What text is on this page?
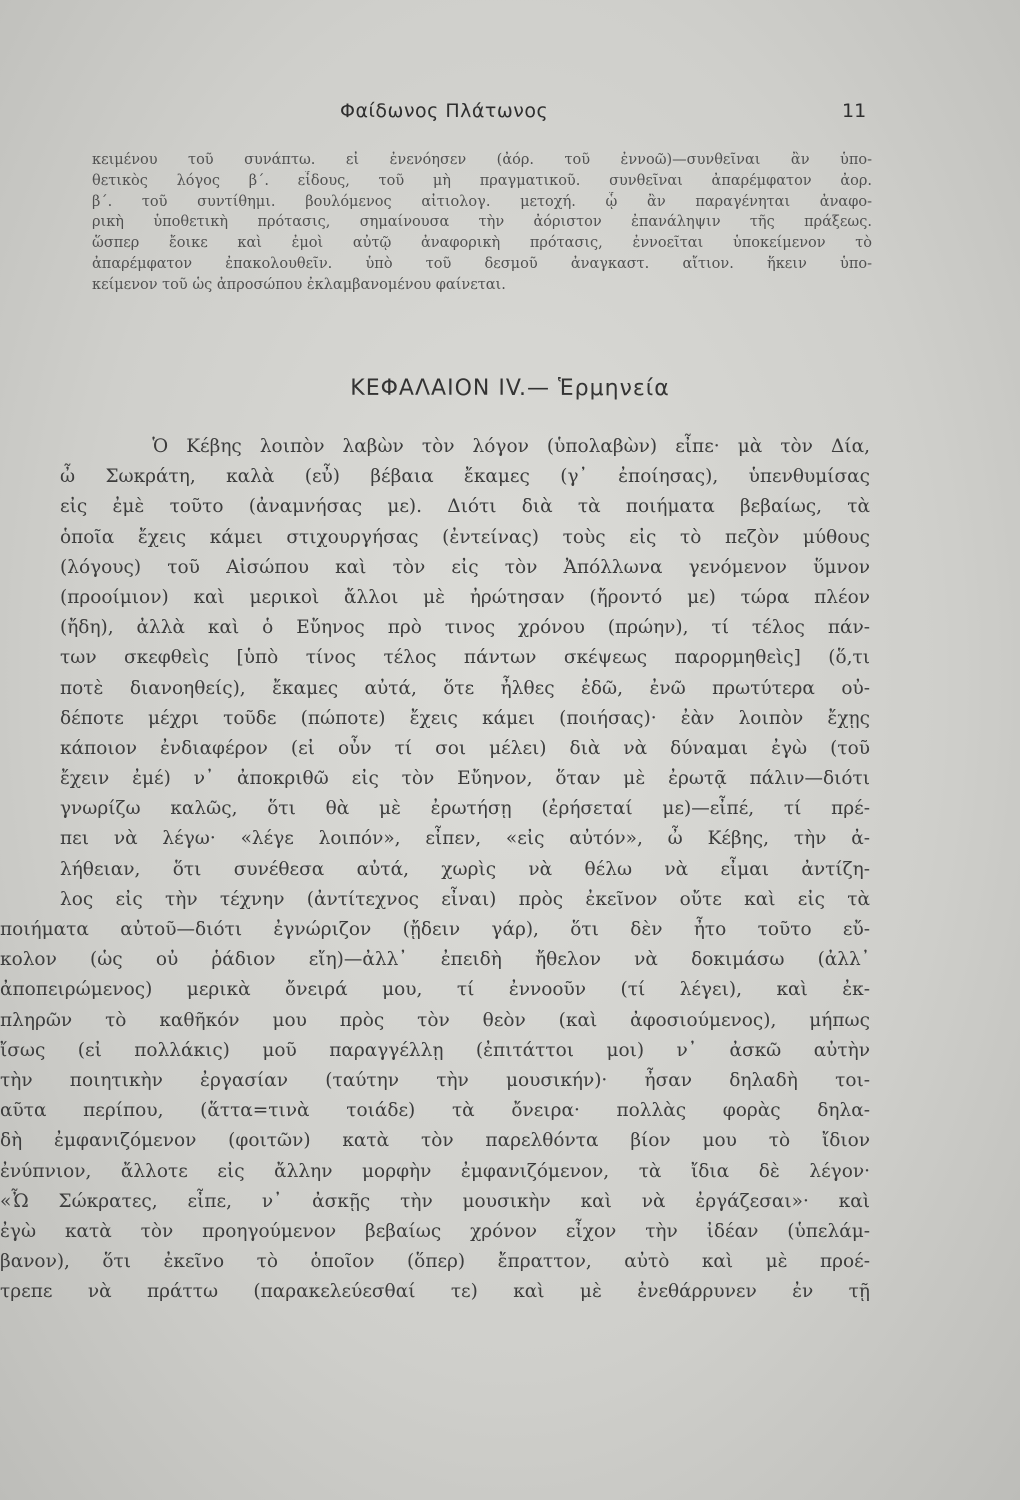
Φαίδωνος Πλάτωνος	11
κειμένου τοῦ συνάπτω. εἰ ἐνενόησεν (ἀόρ. τοῦ ἐννοῶ)—συνθεῖναι ἂν ὑπο-
θετικὸς λόγος β΄. εἶδους, τοῦ μὴ πραγματικοῦ. συνθεῖναι ἀπαρέμφατον ἀορ.
β΄. τοῦ συντίθημι. βουλόμενος αἰτιολογ. μετοχή. ᾧ ἂν παραγένηται ἀναφο-
ρικὴ ὑποθετικὴ πρότασις, σημαίνουσα τὴν ἀόριστον ἐπανάληψιν τῆς πράξεως.
ὥσπερ ἔοικε καὶ ἐμοὶ αὐτῷ ἀναφορικὴ πρότασις, ἐννοεῖται ὑποκείμενον τὸ
ἀπαρέμφατον ἐπακολουθεῖν. ὑπὸ τοῦ δεσμοῦ ἀναγκαστ. αἴτιον. ἥκειν ὑπο-
κείμενον τοῦ ὡς ἀπροσώπου ἐκλαμβανομένου φαίνεται.
ΚΕΦΑΛΑΙΟΝ ΙV.— Ἑρμηνεία
Ὁ Κέβης λοιπὸν λαβὼν τὸν λόγον (ὑπολαβὼν) εἶπε· μὰ τὸν Δία,
ὦ Σωκράτη, καλὰ (εὖ) βέβαια ἔκαμες (γ᾽ ἐποίησας), ὑπενθυμίσας
εἰς ἐμὲ τοῦτο (ἀναμνήσας με). Διότι διὰ τὰ ποιήματα βεβαίως, τὰ
ὁποῖα ἔχεις κάμει στιχουργήσας (ἐντείνας) τοὺς εἰς τὸ πεζὸν μύθους
(λόγους) τοῦ Αἰσώπου καὶ τὸν εἰς τὸν Ἀπόλλωνα γενόμενον ὕμνον
(προοίμιον) καὶ μερικοὶ ἄλλοι μὲ ἠρώτησαν (ἤροντό με) τώρα πλέον
(ἤδη), ἀλλὰ καὶ ὁ Εὔηνος πρὸ τινος χρόνου (πρώην), τί τέλος πάν-
των σκεφθεὶς [ὑπὸ τίνος τέλος πάντων σκέψεως παρορμηθεὶς] (ὅ,τι
ποτὲ διανοηθείς), ἔκαμες αὐτά, ὅτε ἦλθες ἐδῶ, ἐνῶ πρωτύτερα οὐ-
δέποτε μέχρι τοῦδε (πώποτε) ἔχεις κάμει (ποιήσας)· ἐὰν λοιπὸν ἔχῃς
κάποιον ἐνδιαφέρον (εἰ οὖν τί σοι μέλει) διὰ νὰ δύναμαι ἐγὼ (τοῦ
ἔχειν ἐμέ) ν᾽ ἀποκριθῶ εἰς τὸν Εὔηνον, ὅταν μὲ ἐρωτᾷ πάλιν—διότι
γνωρίζω καλῶς, ὅτι θὰ μὲ ἐρωτήσῃ (ἐρήσεταί με)—εἶπέ, τί πρέ-
πει νὰ λέγω· «λέγε λοιπόν», εἶπεν, «εἰς αὐτόν», ὦ Κέβης, τὴν ἀ-
λήθειαν, ὅτι συνέθεσα αὐτά, χωρὶς νὰ θέλω νὰ εἶμαι ἀντίζη-
λος εἰς τὴν τέχνην (ἀντίτεχνος εἶναι) πρὸς ἐκεῖνον οὔτε καὶ εἰς τὰ
ποιήματα αὐτοῦ—διότι ἐγνώριζον (ᾔδειν γάρ), ὅτι δὲν ἦτο τοῦτο εὔ-
κολον (ὡς οὐ ῥάδιον εἴη)—ἀλλ᾽ ἐπειδὴ ἤθελον νὰ δοκιμάσω (ἀλλ᾽
ἀποπειρώμενος) μερικὰ ὄνειρά μου, τί ἐννοοῦν (τί λέγει), καὶ ἐκ-
πληρῶν τὸ καθῆκόν μου πρὸς τὸν θεὸν (καὶ ἀφοσιούμενος), μήπως
ἴσως (εἰ πολλάκις) μοῦ παραγγέλλῃ (ἐπιτάττοι μοι) ν᾽ ἀσκῶ αὐτὴν
τὴν ποιητικὴν ἐργασίαν (ταύτην τὴν μουσικήν)· ἦσαν δηλαδὴ τοι-
αῦτα περίπου, (ἅττα=τινὰ τοιάδε) τὰ ὄνειρα· πολλὰς φορὰς δηλα-
δὴ ἐμφανιζόμενον (φοιτῶν) κατὰ τὸν παρελθόντα βίον μου τὸ ἴδιον
ἐνύπνιον, ἄλλοτε εἰς ἄλλην μορφὴν ἐμφανιζόμενον, τὰ ἴδια δὲ λέγον·
«Ὦ Σώκρατες, εἶπε, ν᾽ ἀσκῇς τὴν μουσικὴν καὶ νὰ ἐργάζεσαι»· καὶ
ἐγὼ κατὰ τὸν προηγούμενον βεβαίως χρόνον εἶχον τὴν ἰδέαν (ὑπελάμ-
βανον), ὅτι ἐκεῖνο τὸ ὁποῖον (ὅπερ) ἔπραττον, αὐτὸ καὶ μὲ προέ-
τρεπε νὰ πράττω (παρακελεύεσθαί τε) καὶ μὲ ἐνεθάρρυνεν ἐν τῇ
